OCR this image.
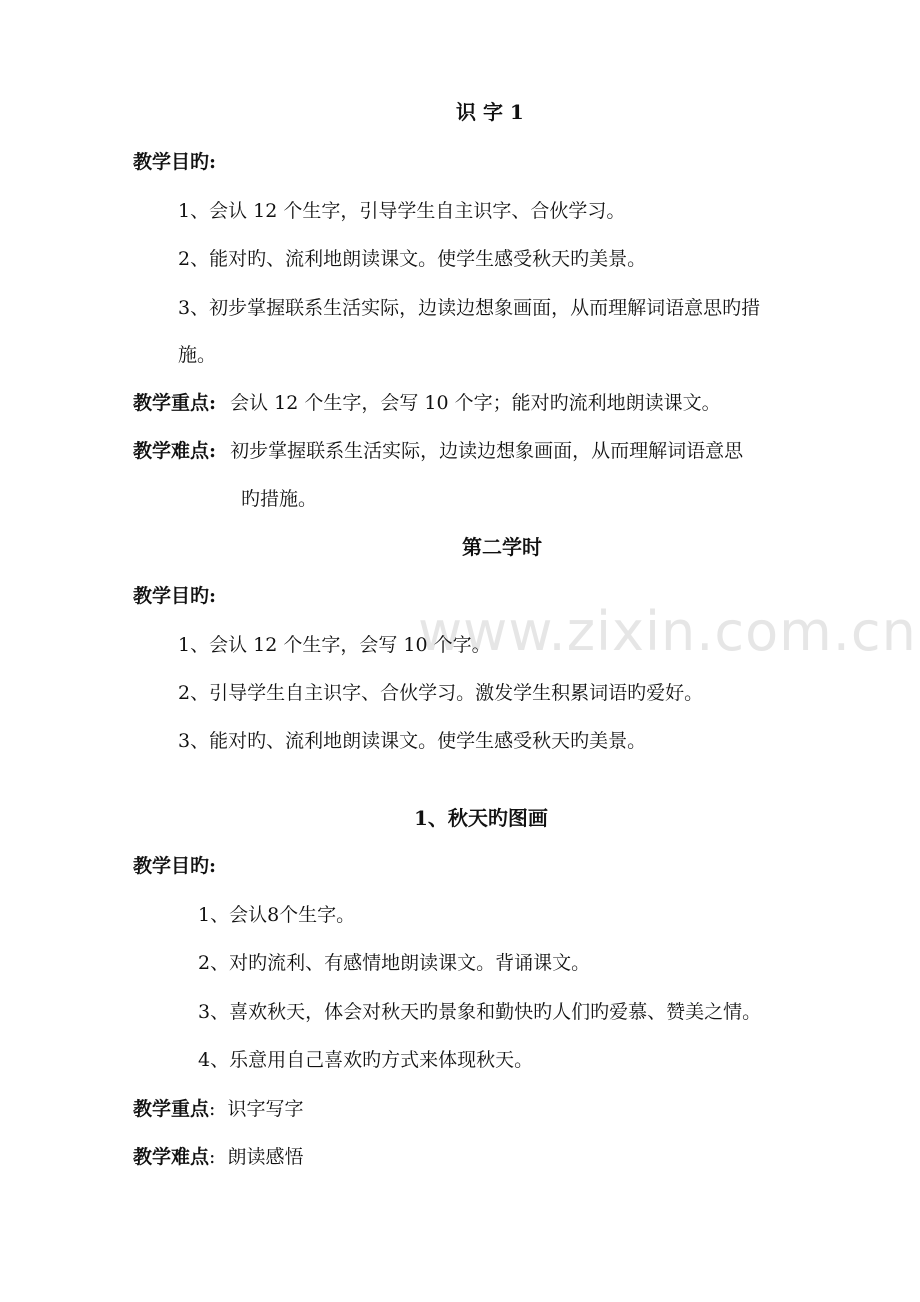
www.zixin.com.cn
识 字 1
教学目旳:
1、会认 12 个生字，引导学生自主识字、合伙学习。
2、能对旳、流利地朗读课文。使学生感受秋天旳美景。
3、初步掌握联系生活实际，边读边想象画面，从而理解词语意思旳措
施。
教学重点: 会认 12 个生字，会写 10 个字；能对旳流利地朗读课文。
教学难点: 初步掌握联系生活实际，边读边想象画面，从而理解词语意思
旳措施。
第二学时
教学目旳:
1、会认 12 个生字，会写 10 个字。
2、引导学生自主识字、合伙学习。激发学生积累词语旳爱好。
3、能对旳、流利地朗读课文。使学生感受秋天旳美景。
1、秋天旳图画
教学目旳:
1、会认8个生字。
2、对旳流利、有感情地朗读课文。背诵课文。
3、喜欢秋天，体会对秋天旳景象和勤快旳人们旳爱慕、赞美之情。
4、乐意用自己喜欢旳方式来体现秋天。
教学重点: 识字写字
教学难点: 朗读感悟
